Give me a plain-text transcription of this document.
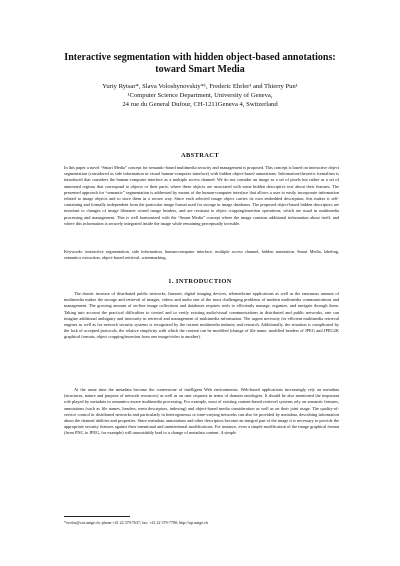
Interactive segmentation with hidden object-based annotations:
toward Smart Media
Yuriy Rytsar*, Slava Voloshynovskiy*¹, Frederic Ehrler¹ and Thierry Pun¹
¹Computer Science Department, University of Geneva,
24 rue du General Dufour, CH-1211Geneva 4, Switzerland
ABSTRACT

In this paper a novel “Smart Media” concept for semantic-based multimedia security and management is proposed. This concept is based on interactive object segmentation (considered as side information in visual human-computer interface) with hidden object-based annotations. Information-theoretic formalism is introduced that considers the human-computer interface as a multiple access channel. We do not consider an image as a set of pixels but rather as a set of annotated regions that correspond to objects or their parts, where these objects are associated with some hidden descriptive text about their features. The presented approach for “semantic” segmentation is addressed by means of the human-computer interface that allows a user to easily incorporate information related to image objects and to store them in a secure way. Since each selected image object carries its own embedded description, this makes it self-containing and formally independent from the particular image format used for storage in image databases. The proposed object-based hidden descriptors are invariant to changes of image filename or/and image headers, and are resistant to object cropping/insertion operations, which are usual in multimedia processing and management. This is well harmonized with the “Smart Media” concept where the image contains additional information about itself, and where this information is securely integrated inside the image while remaining perceptually invisible.

Keywords: interactive segmentation, side information, human-computer interface, multiple access channel, hidden annotation, Smart Media, labeling, semantics extraction, object-based retrieval, watermarking.

1. INTRODUCTION

The drastic increase of distributed public networks, Internet, digital imaging devices, telemedicine applications as well as the enormous amount of multimedia makes the storage and retrieval of images, videos and audio one of the most challenging problems of modern multimedia communications and management. The growing amount of on-line image collections and databases requires tools to efficiently manage, organize, and navigate through them. Taking into account the practical difficulties to control and to verify existing audio/visual communications in distributed and public networks, one can imagine additional ambiguity and insecurity in retrieval and management of multimedia information. The urgent necessity for efficient multimedia retrieval engines as well as for network security systems is recognized by the current multimedia industry and research. Additionally, the situation is complicated by the lack of accepted protocols, the relative simplicity with which the content can be modified (change of file name, modified headers of JPEG and JPEG2K graphical formats, object cropping/insertion from one image/video to another).

At the same time the metadata become the cornerstone of intelligent Web environments. Web-based applications increasingly rely on metadata (structures, nature and purpose of network resources) as well as on user requests in terms of domain ontologies. It should be also mentioned the important role played by metadata in semantics-aware multimedia processing. For example, most of existing content-based retrieval systems rely on semantic features, annotations (such as file names, headers, meta descriptors, indexing) and object-based media consideration as well as on their joint usage. The quality-of-service control in distributed networks and particularly in heterogeneous or time-varying networks can also be provided by metadata, describing information about the channel abilities and properties. Since metadata, annotations and other descriptors become an integral part of the image it is necessary to provide the appropriate security features against their intentional and unintentional modifications. For instance, even a simple modification of the image graphical format (from PNG to JPEG, for example) will unavoidably lead to a change of metadata content. A simple

*svolos@cui.unige.ch; phone +41 22 379-7637; fax: +41 22 379-7780; http://sip.unige.ch
